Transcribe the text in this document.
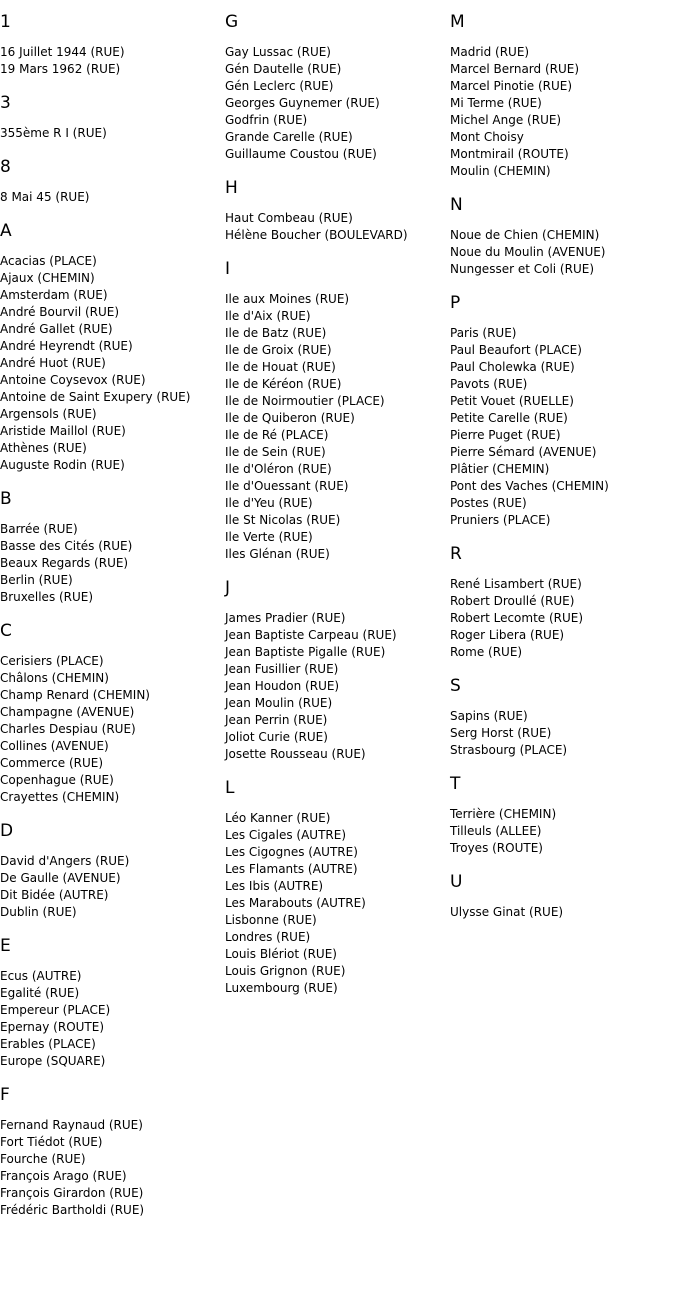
1
16 Juillet 1944 (RUE)
19 Mars 1962 (RUE)
3
355ème R I (RUE)
8
8 Mai 45 (RUE)
A
Acacias (PLACE)
Ajaux (CHEMIN)
Amsterdam (RUE)
André Bourvil (RUE)
André Gallet (RUE)
André Heyrendt (RUE)
André Huot (RUE)
Antoine Coysevox (RUE)
Antoine de Saint Exupery (RUE)
Argensols (RUE)
Aristide Maillol (RUE)
Athènes (RUE)
Auguste Rodin (RUE)
B
Barrée (RUE)
Basse des Cités (RUE)
Beaux Regards (RUE)
Berlin (RUE)
Bruxelles (RUE)
C
Cerisiers (PLACE)
Châlons (CHEMIN)
Champ Renard (CHEMIN)
Champagne (AVENUE)
Charles Despiau (RUE)
Collines (AVENUE)
Commerce (RUE)
Copenhague (RUE)
Crayettes (CHEMIN)
D
David d'Angers (RUE)
De Gaulle (AVENUE)
Dit Bidée (AUTRE)
Dublin (RUE)
E
Ecus (AUTRE)
Egalité (RUE)
Empereur (PLACE)
Epernay (ROUTE)
Erables (PLACE)
Europe (SQUARE)
F
Fernand Raynaud (RUE)
Fort Tiédot (RUE)
Fourche (RUE)
François Arago (RUE)
François Girardon (RUE)
Frédéric Bartholdi (RUE)
G
Gay Lussac (RUE)
Gén Dautelle (RUE)
Gén Leclerc (RUE)
Georges Guynemer (RUE)
Godfrin (RUE)
Grande Carelle (RUE)
Guillaume Coustou (RUE)
H
Haut Combeau (RUE)
Hélène Boucher (BOULEVARD)
I
Ile aux Moines (RUE)
Ile d'Aix (RUE)
Ile de Batz (RUE)
Ile de Groix (RUE)
Ile de Houat (RUE)
Ile de Kéréon (RUE)
Ile de Noirmoutier (PLACE)
Ile de Quiberon (RUE)
Ile de Ré (PLACE)
Ile de Sein (RUE)
Ile d'Oléron (RUE)
Ile d'Ouessant (RUE)
Ile d'Yeu (RUE)
Ile St Nicolas (RUE)
Ile Verte (RUE)
Iles Glénan (RUE)
J
James Pradier (RUE)
Jean Baptiste Carpeau (RUE)
Jean Baptiste Pigalle (RUE)
Jean Fusillier (RUE)
Jean Houdon (RUE)
Jean Moulin (RUE)
Jean Perrin (RUE)
Joliot Curie (RUE)
Josette Rousseau (RUE)
L
Léo Kanner (RUE)
Les Cigales (AUTRE)
Les Cigognes (AUTRE)
Les Flamants (AUTRE)
Les Ibis (AUTRE)
Les Marabouts (AUTRE)
Lisbonne (RUE)
Londres (RUE)
Louis Blériot (RUE)
Louis Grignon (RUE)
Luxembourg (RUE)
M
Madrid (RUE)
Marcel Bernard (RUE)
Marcel Pinotie (RUE)
Mi Terme (RUE)
Michel Ange (RUE)
Mont Choisy
Montmirail (ROUTE)
Moulin (CHEMIN)
N
Noue de Chien (CHEMIN)
Noue du Moulin (AVENUE)
Nungesser et Coli (RUE)
P
Paris (RUE)
Paul Beaufort (PLACE)
Paul Cholewka (RUE)
Pavots (RUE)
Petit Vouet (RUELLE)
Petite Carelle (RUE)
Pierre Puget (RUE)
Pierre Sémard (AVENUE)
Plâtier (CHEMIN)
Pont des Vaches (CHEMIN)
Postes (RUE)
Pruniers (PLACE)
R
René Lisambert (RUE)
Robert Droullé (RUE)
Robert Lecomte (RUE)
Roger Libera (RUE)
Rome (RUE)
S
Sapins (RUE)
Serg Horst (RUE)
Strasbourg (PLACE)
T
Terrière (CHEMIN)
Tilleuls (ALLEE)
Troyes (ROUTE)
U
Ulysse Ginat (RUE)
